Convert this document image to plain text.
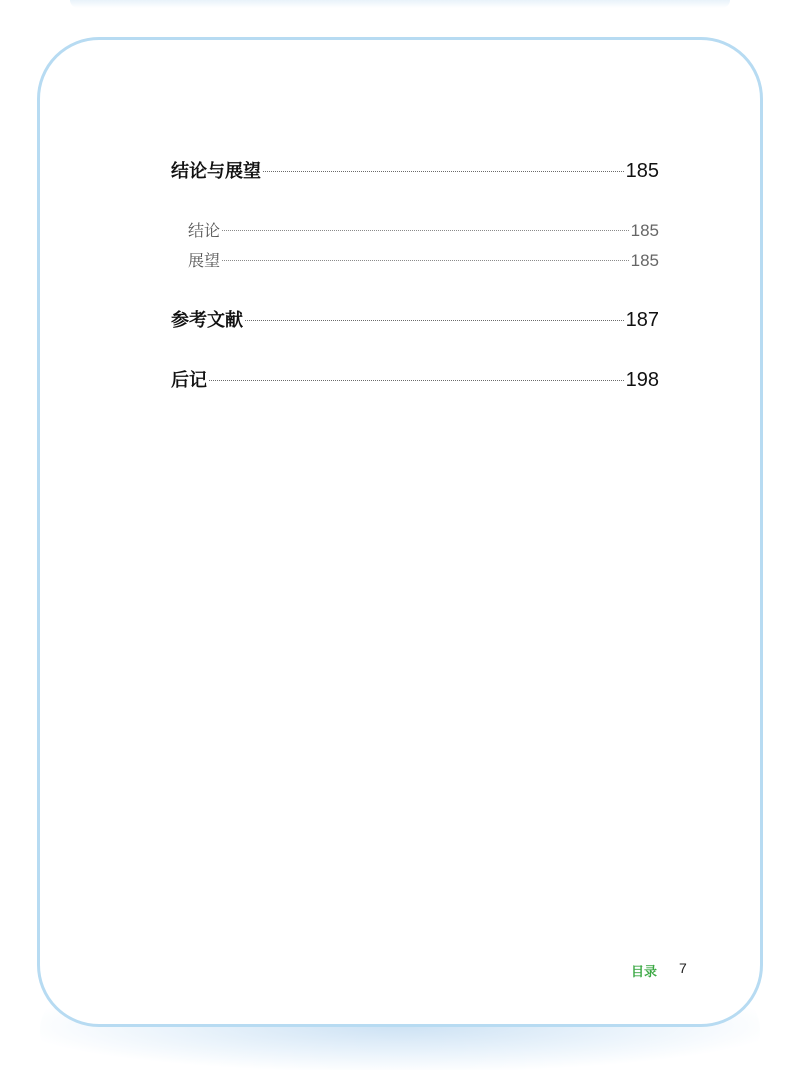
结论与展望	185
结论	185
展望	185
参考文献	187
后记	198
目录 7
